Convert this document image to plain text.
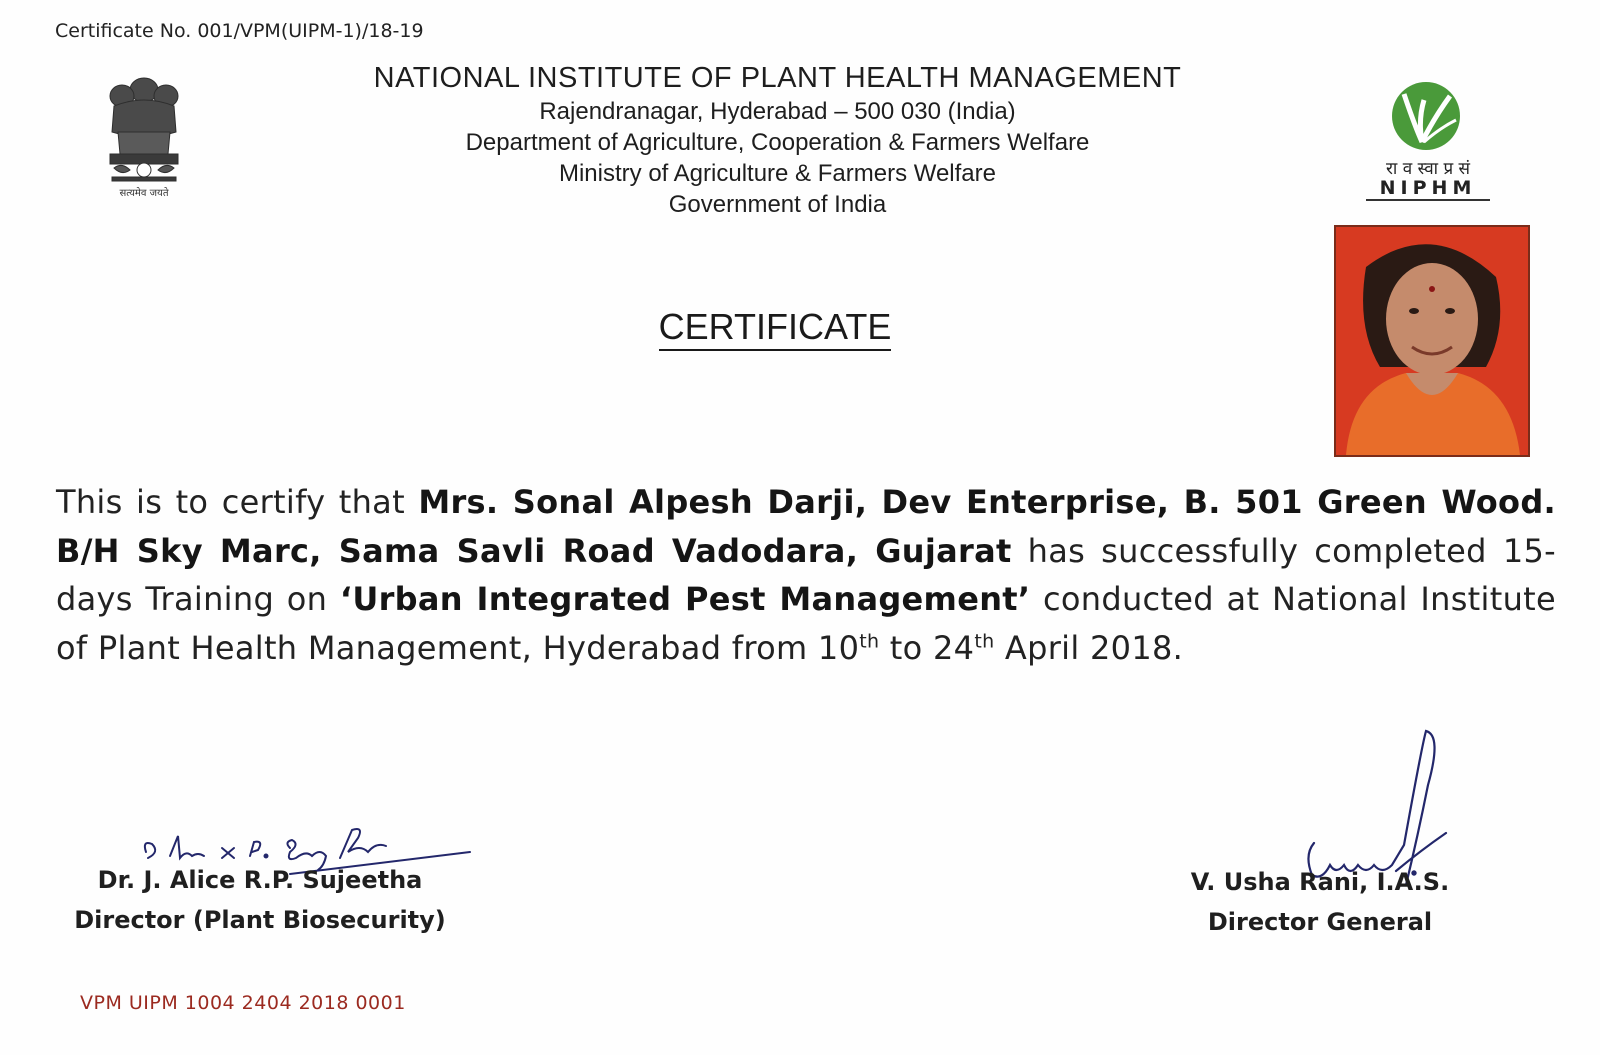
Certificate No. 001/VPM(UIPM-1)/18-19
सत्यमेव जयते
NATIONAL INSTITUTE OF PLANT HEALTH MANAGEMENT
Rajendranagar, Hyderabad – 500 030 (India)
Department of Agriculture, Cooperation & Farmers Welfare
Ministry of Agriculture & Farmers Welfare
Government of India
रा व स्वा प्र सं
NIPHM
CERTIFICATE
This is to certify that Mrs. Sonal Alpesh Darji, Dev Enterprise, B. 501 Green Wood. B/H Sky Marc, Sama Savli Road Vadodara, Gujarat has successfully completed 15-days Training on ‘Urban Integrated Pest Management’ conducted at National Institute of Plant Health Management, Hyderabad from 10th to 24th April 2018.
Dr. J. Alice R.P. Sujeetha
Director (Plant Biosecurity)
V. Usha Rani, I.A.S.
Director General
VPM UIPM 1004 2404 2018 0001
